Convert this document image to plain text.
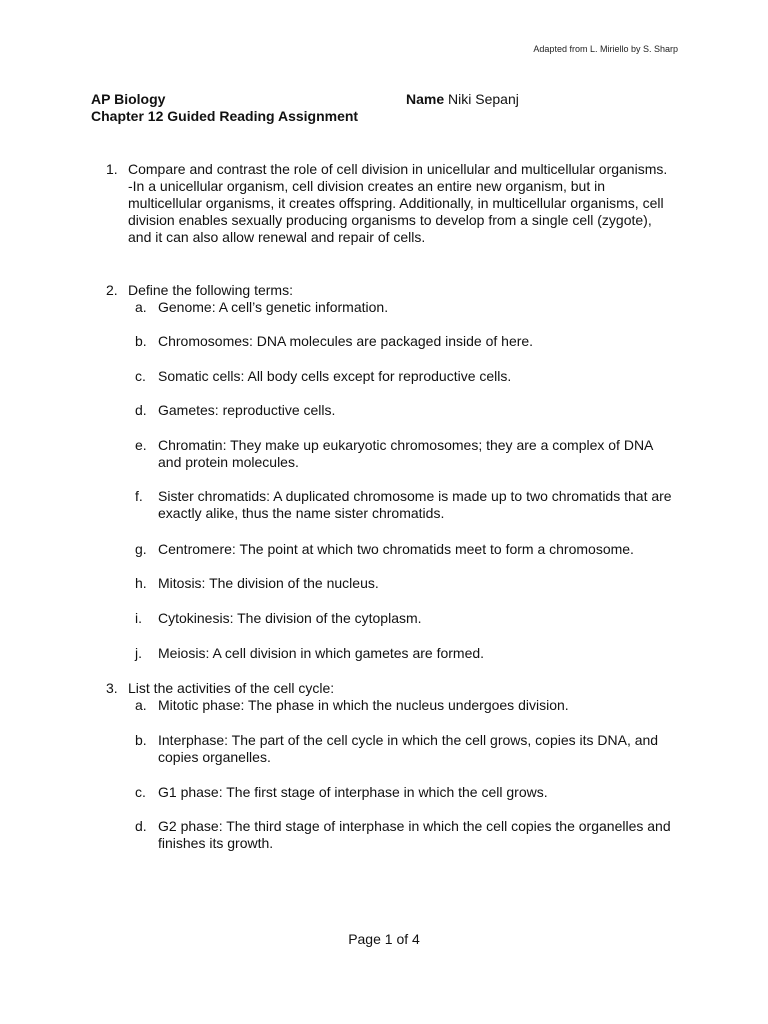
Adapted from L. Miriello by S. Sharp
AP Biology
Chapter 12 Guided Reading Assignment
Name Niki Sepanj
1. Compare and contrast the role of cell division in unicellular and multicellular organisms.
-In a unicellular organism, cell division creates an entire new organism, but in multicellular organisms, it creates offspring. Additionally, in multicellular organisms, cell division enables sexually producing organisms to develop from a single cell (zygote), and it can also allow renewal and repair of cells.
2. Define the following terms:
a. Genome: A cell’s genetic information.
b. Chromosomes: DNA molecules are packaged inside of here.
c. Somatic cells: All body cells except for reproductive cells.
d. Gametes: reproductive cells.
e. Chromatin: They make up eukaryotic chromosomes; they are a complex of DNA and protein molecules.
f. Sister chromatids: A duplicated chromosome is made up to two chromatids that are exactly alike, thus the name sister chromatids.
g. Centromere: The point at which two chromatids meet to form a chromosome.
h. Mitosis: The division of the nucleus.
i. Cytokinesis: The division of the cytoplasm.
j. Meiosis: A cell division in which gametes are formed.
3. List the activities of the cell cycle:
a. Mitotic phase: The phase in which the nucleus undergoes division.
b. Interphase: The part of the cell cycle in which the cell grows, copies its DNA, and copies organelles.
c. G1 phase: The first stage of interphase in which the cell grows.
d. G2 phase: The third stage of interphase in which the cell copies the organelles and finishes its growth.
Page 1 of 4
